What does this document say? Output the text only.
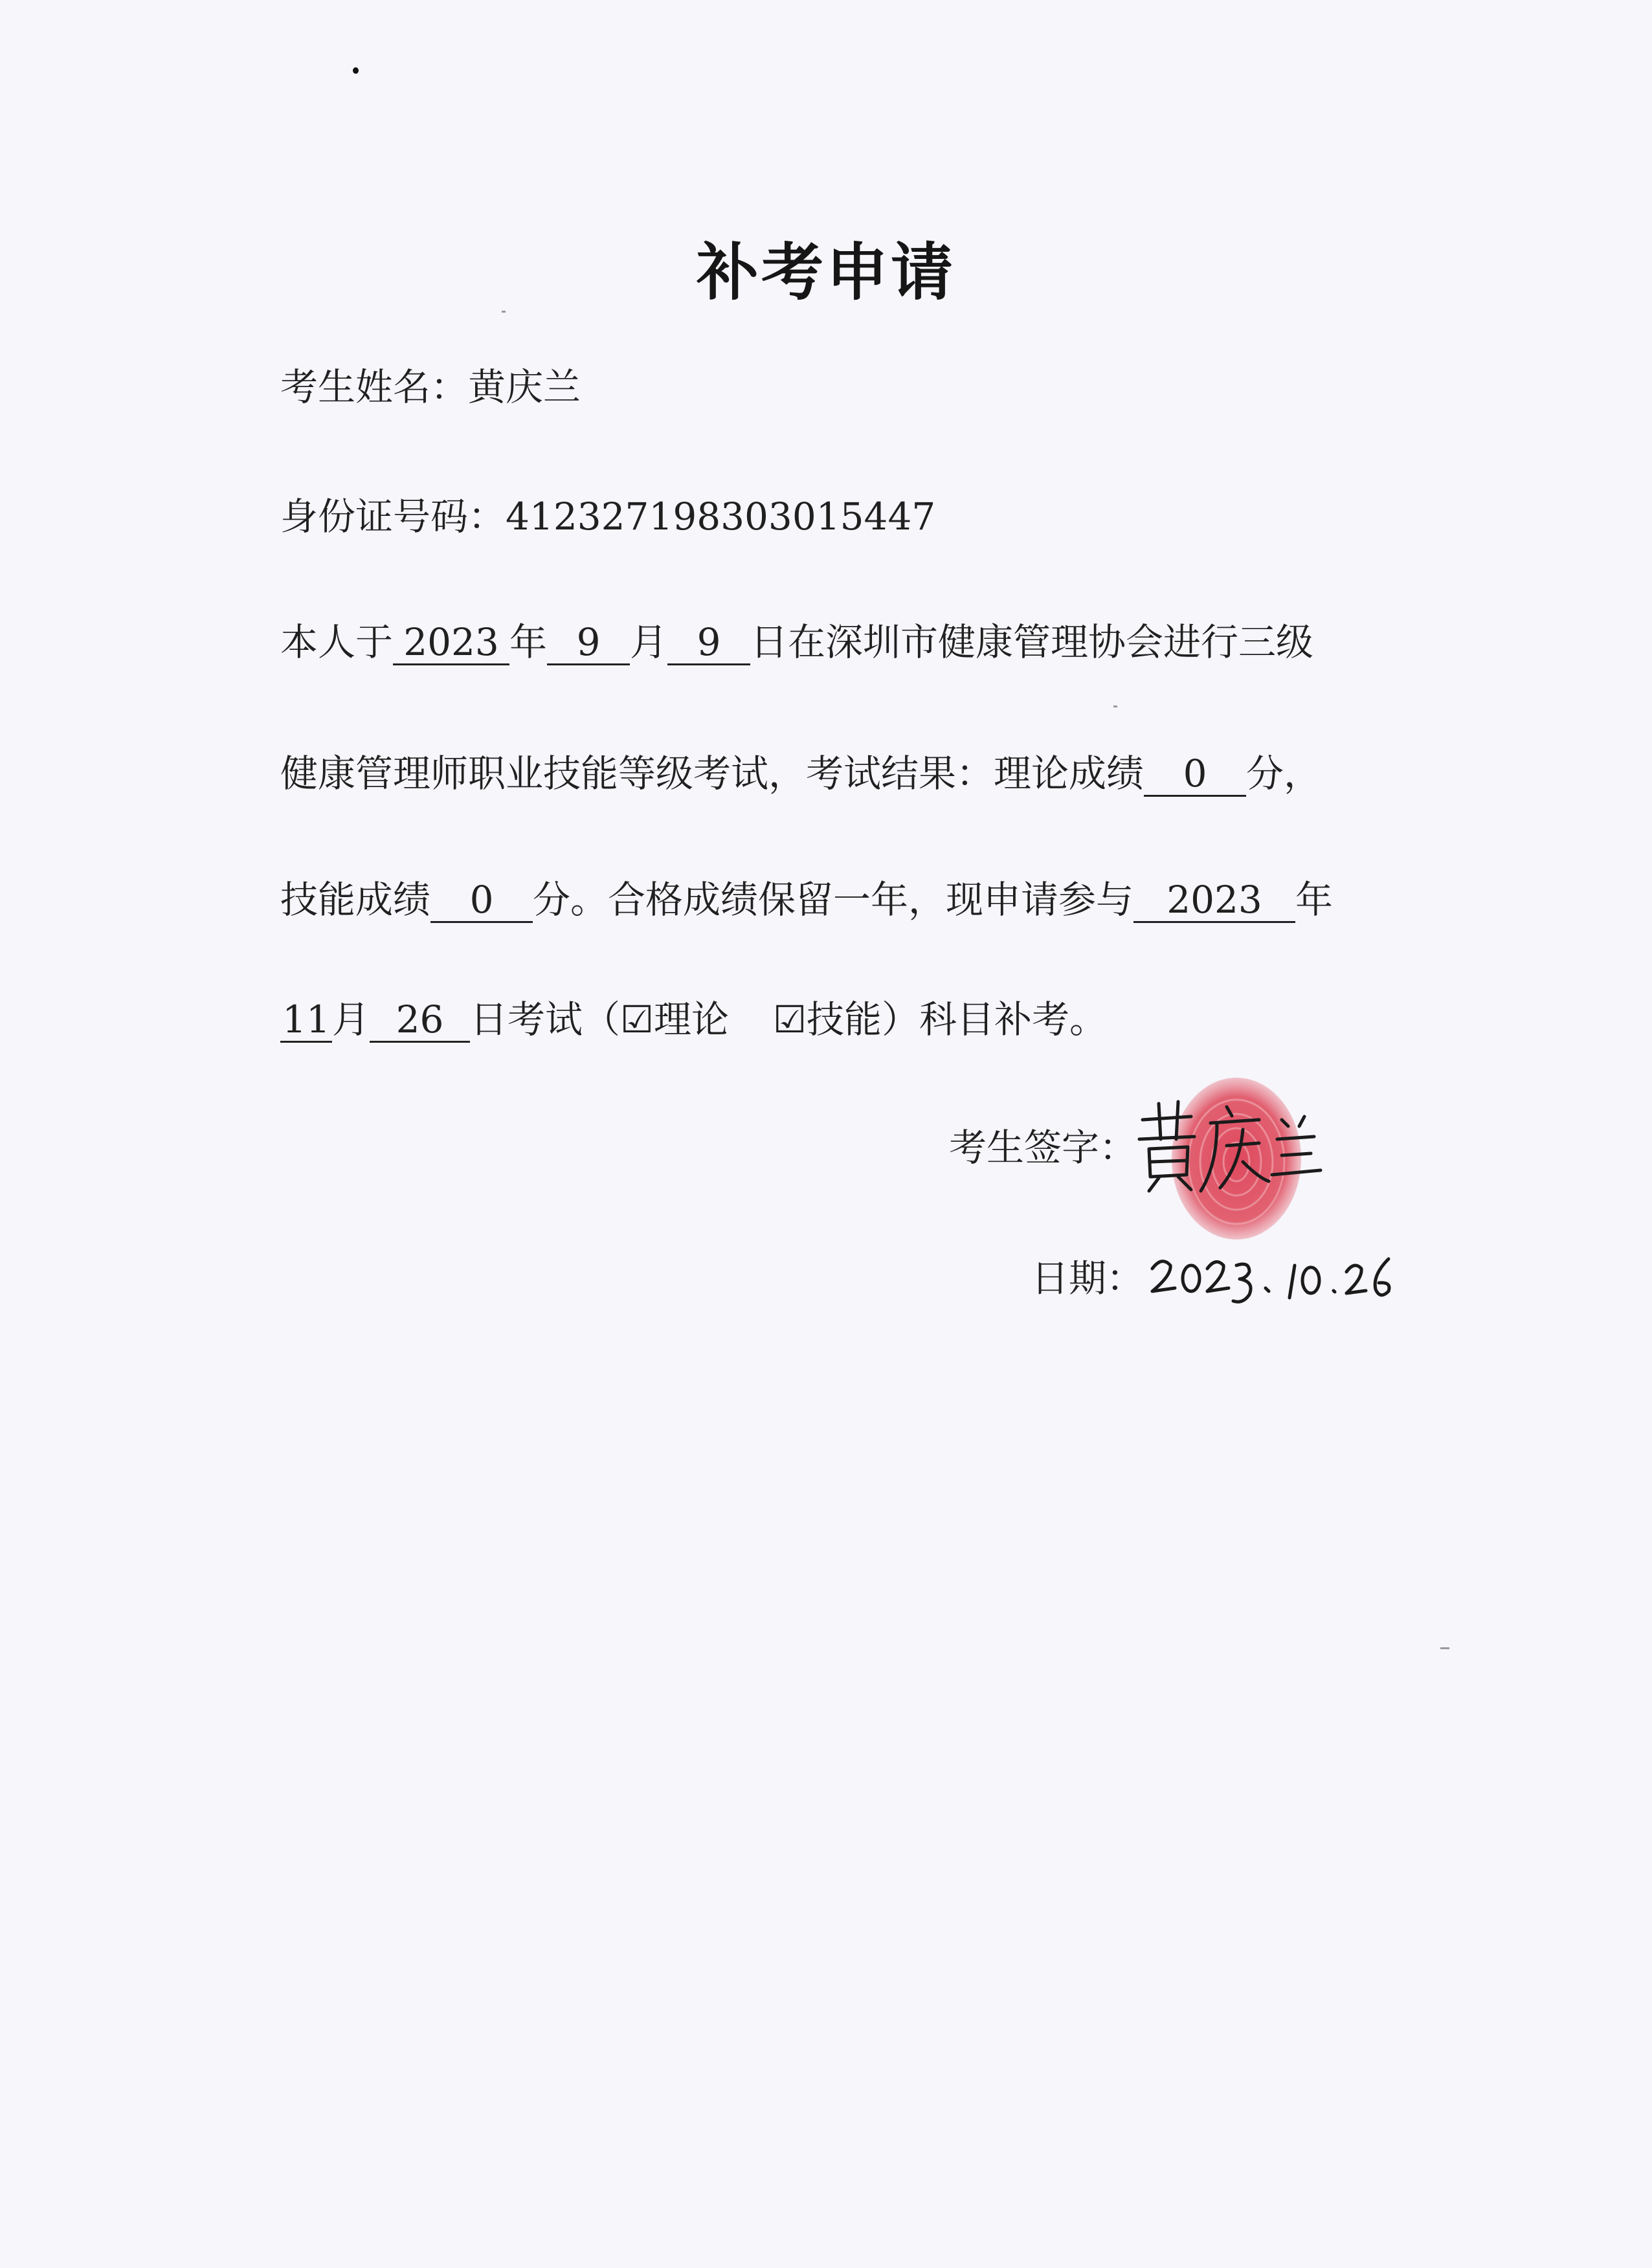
补考申请
考生姓名：黄庆兰
身份证号码：412327198303015447
本人于 2023 年 9 月 9 日在深圳市健康管理协会进行三级
健康管理师职业技能等级考试，考试结果：理论成绩 0 分，
技能成绩 0 分。合格成绩保留一年，现申请参与 2023 年
11月 26 日考试（☑理论 ☑技能）科目补考。
考生签字：
日期：
